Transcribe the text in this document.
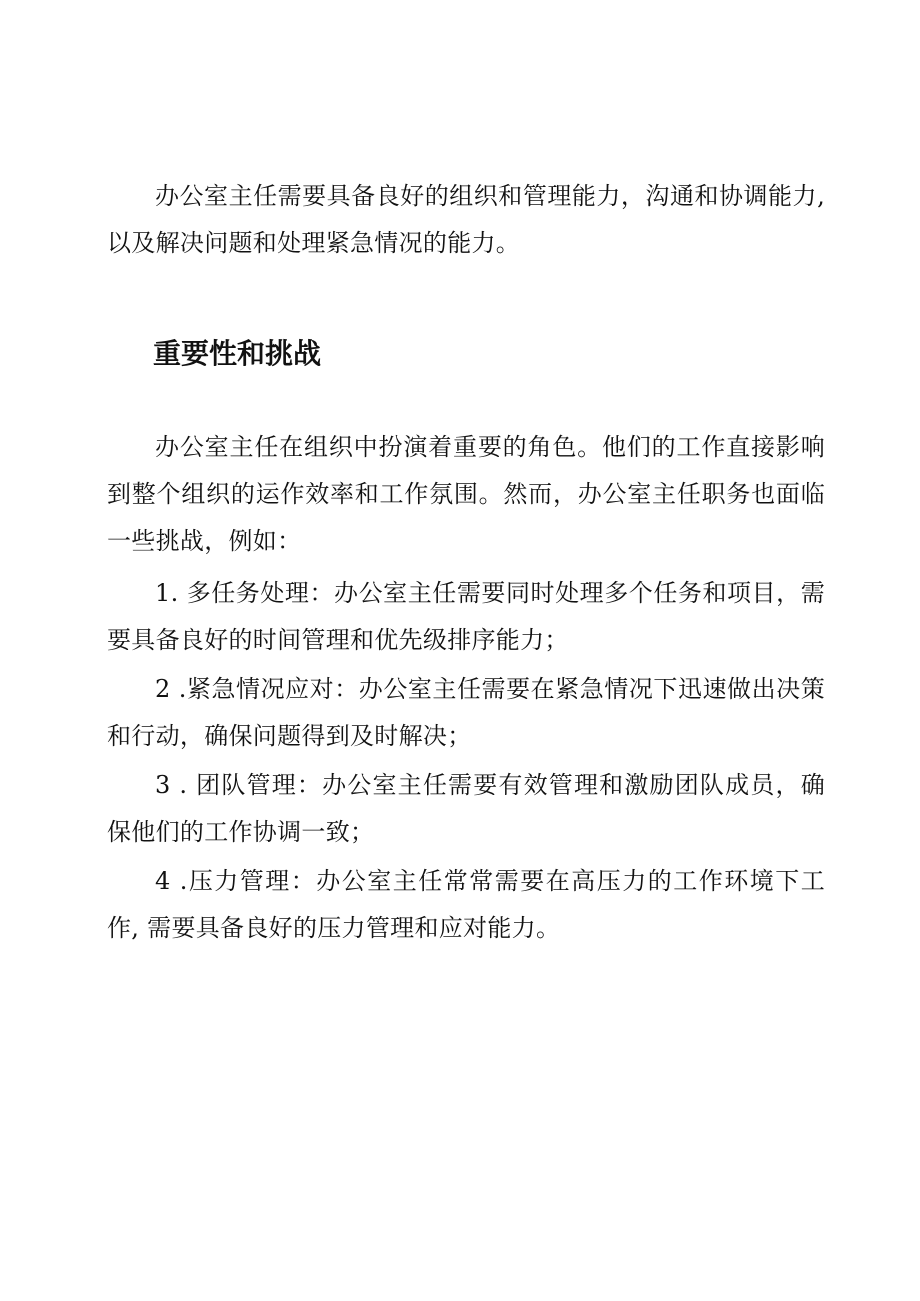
办公室主任需要具备良好的组织和管理能力，沟通和协调能力, 以及解决问题和处理紧急情况的能力。

重要性和挑战

办公室主任在组织中扮演着重要的角色。他们的工作直接影响到整个组织的运作效率和工作氛围。然而，办公室主任职务也面临一些挑战，例如：

1. 多任务处理：办公室主任需要同时处理多个任务和项目，需要具备良好的时间管理和优先级排序能力；

2 .紧急情况应对：办公室主任需要在紧急情况下迅速做出决策和行动，确保问题得到及时解决；

3 . 团队管理：办公室主任需要有效管理和激励团队成员，确保他们的工作协调一致；

4 .压力管理：办公室主任常常需要在高压力的工作环境下工作, 需要具备良好的压力管理和应对能力。
